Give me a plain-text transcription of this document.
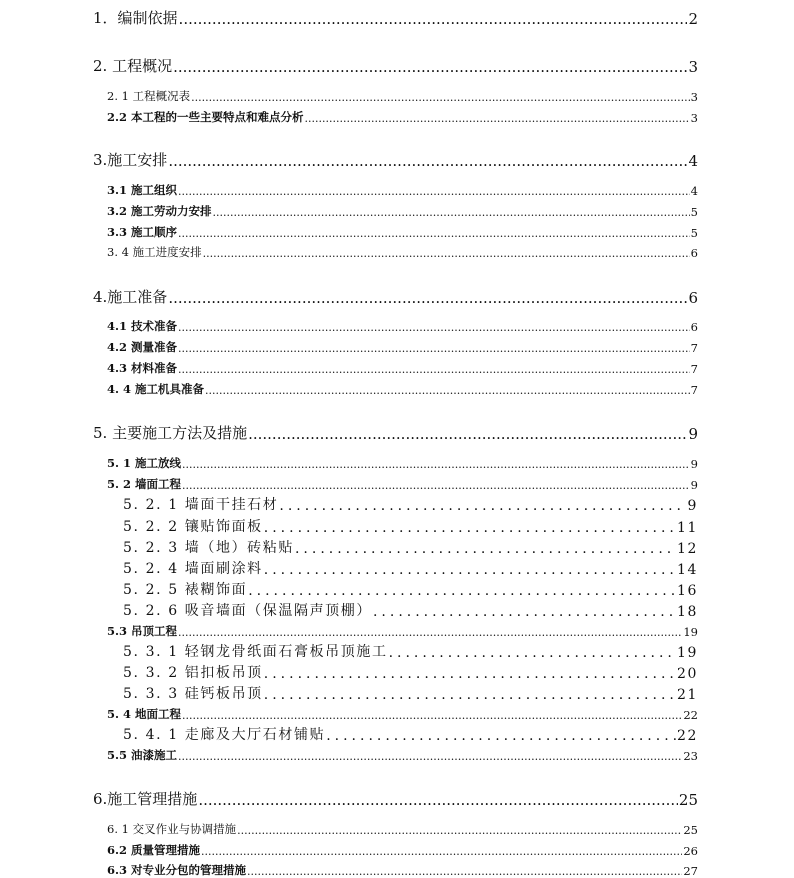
1．编制依据 .....	2
2. 工程概况 .....	3
2. 1 工程概况表 .....	3
2.2 本工程的一些主要特点和难点分析 .....	3
3.施工安排 .....	4
3.1 施工组织 .....	4
3.2 施工劳动力安排 .....	5
3.3 施工顺序 .....	5
3. 4 施工进度安排 .....	6
4.施工准备 .....	6
4.1 技术准备 .....	6
4.2 测量准备 .....	7
4.3 材料准备 .....	7
4. 4 施工机具准备 .....	7
5. 主要施工方法及措施 .....	9
5. 1 施工放线 .....	9
5. 2 墙面工程 .....	9
5. 2. 1 墙面干挂石材 .....	9
5. 2. 2 镶贴饰面板 .....	11
5. 2. 3 墙（地）砖粘贴 .....	12
5. 2. 4 墙面刷涂料 .....	14
5. 2. 5 裱糊饰面 .....	16
5. 2. 6 吸音墙面（保温隔声顶棚） .....	18
5.3 吊顶工程 .....	19
5. 3. 1 轻钢龙骨纸面石膏板吊顶施工 .....	19
5. 3. 2 铝扣板吊顶 .....	20
5. 3. 3 硅钙板吊顶 .....	21
5. 4 地面工程 .....	22
5. 4. 1 走廊及大厅石材铺贴 .....	22
5.5 油漆施工 .....	23
6.施工管理措施 .....	25
6. 1 交叉作业与协调措施 .....	25
6.2 质量管理措施 .....	26
6.3 对专业分包的管理措施 .....	27
